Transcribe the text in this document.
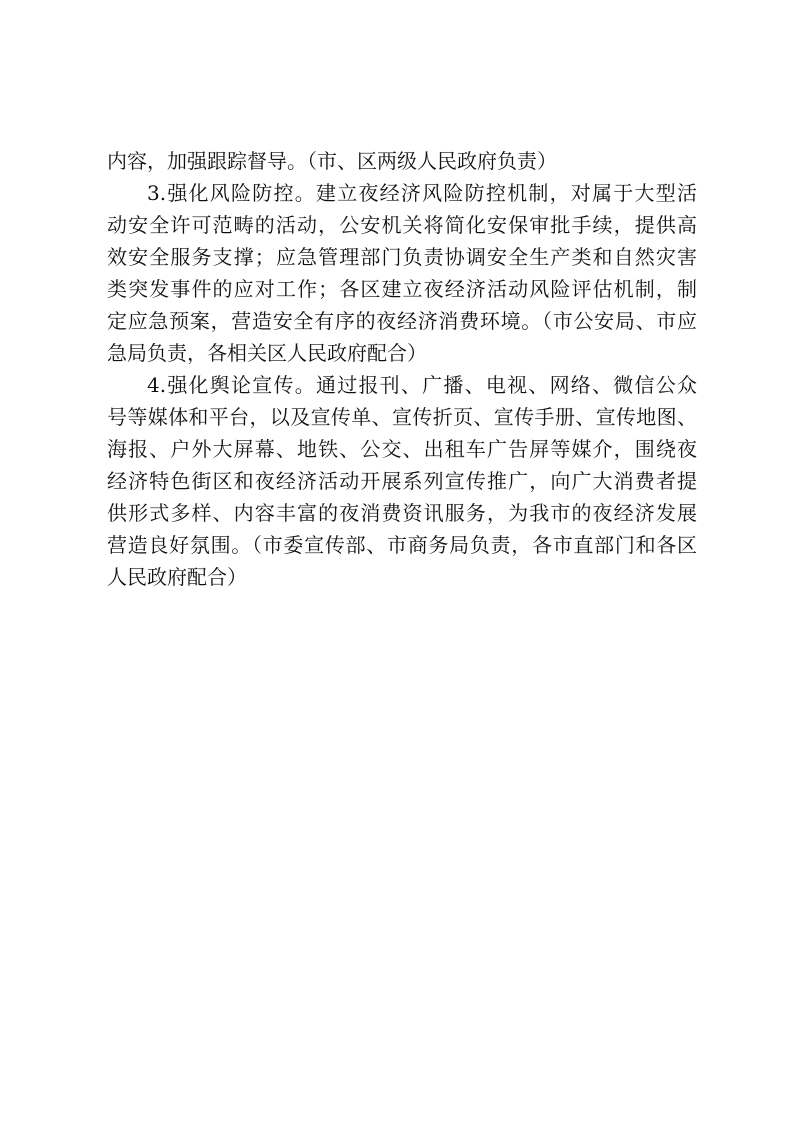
内容，加强跟踪督导。（市、区两级人民政府负责）
3.强化风险防控。建立夜经济风险防控机制，对属于大型活
动安全许可范畴的活动，公安机关将简化安保审批手续，提供高
效安全服务支撑；应急管理部门负责协调安全生产类和自然灾害
类突发事件的应对工作；各区建立夜经济活动风险评估机制，制
定应急预案，营造安全有序的夜经济消费环境。（市公安局、市应
急局负责，各相关区人民政府配合）
4.强化舆论宣传。通过报刊、广播、电视、网络、微信公众
号等媒体和平台，以及宣传单、宣传折页、宣传手册、宣传地图、
海报、户外大屏幕、地铁、公交、出租车广告屏等媒介，围绕夜
经济特色街区和夜经济活动开展系列宣传推广，向广大消费者提
供形式多样、内容丰富的夜消费资讯服务，为我市的夜经济发展
营造良好氛围。（市委宣传部、市商务局负责，各市直部门和各区
人民政府配合）
